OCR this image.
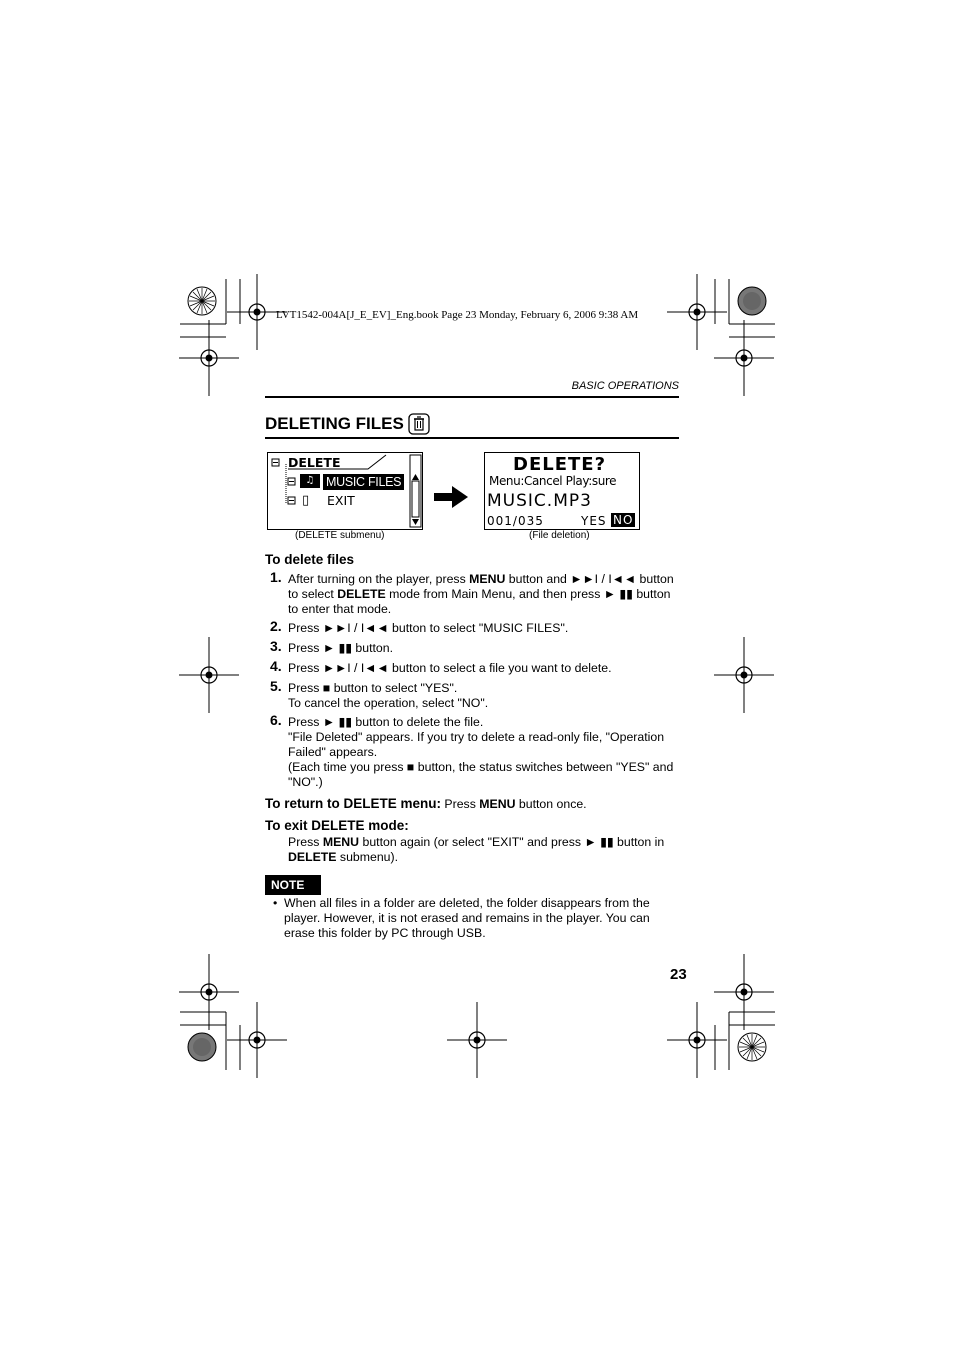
LVT1542-004A[J_E_EV]_Eng.book Page 23 Monday, February 6, 2006 9:38 AM
BASIC OPERATIONS
DELETING FILES
DELETE
♫ MUSIC FILES
▯ EXIT
(DELETE submenu)
DELETE?
Menu:Cancel Play:sure
MUSIC.MP3
001/035	YES NO
(File deletion)
To delete files
1. After turning on the player, press MENU button and ►►I / I◄◄ button to select DELETE mode from Main Menu, and then press ► ▮▮ button to enter that mode.
2. Press ►►I / I◄◄ button to select "MUSIC FILES".
3. Press ► ▮▮ button.
4. Press ►►I / I◄◄ button to select a file you want to delete.
5. Press ■ button to select "YES".
To cancel the operation, select "NO".
6. Press ► ▮▮ button to delete the file.
"File Deleted" appears. If you try to delete a read-only file, "Operation Failed" appears.
(Each time you press ■ button, the status switches between "YES" and "NO".)
To return to DELETE menu: Press MENU button once.
To exit DELETE mode:
Press MENU button again (or select "EXIT" and press ► ▮▮ button in DELETE submenu).
NOTE
• When all files in a folder are deleted, the folder disappears from the player. However, it is not erased and remains in the player. You can erase this folder by PC through USB.
23
